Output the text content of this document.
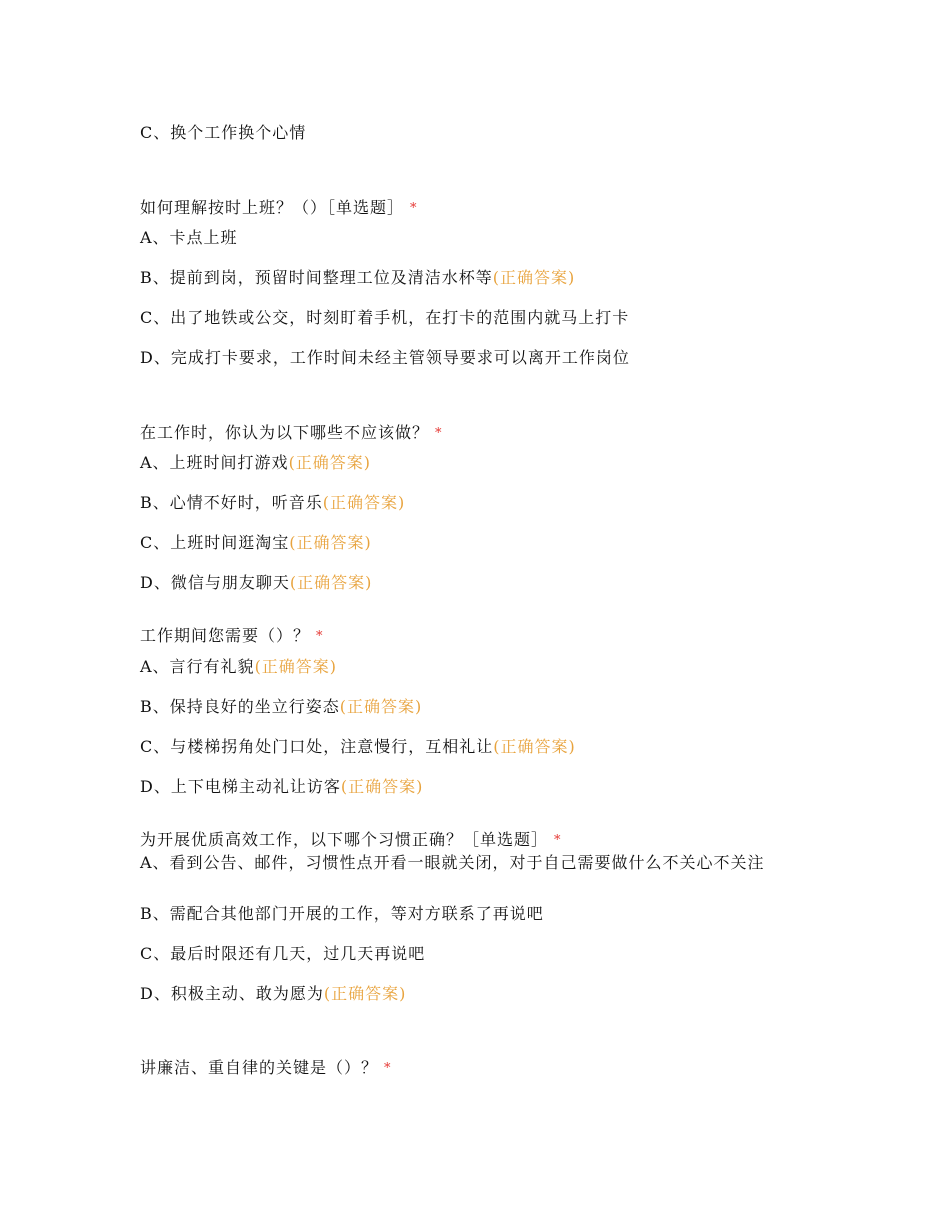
C、换个工作换个心情
如何理解按时上班？（）［单选题］ *
A、卡点上班
B、提前到岗，预留时间整理工位及清洁水杯等(正确答案)
C、出了地铁或公交，时刻盯着手机，在打卡的范围内就马上打卡
D、完成打卡要求，工作时间未经主管领导要求可以离开工作岗位
在工作时，你认为以下哪些不应该做？ *
A、上班时间打游戏(正确答案)
B、心情不好时，听音乐(正确答案)
C、上班时间逛淘宝(正确答案)
D、微信与朋友聊天(正确答案)
工作期间您需要（）？ *
A、言行有礼貌(正确答案)
B、保持良好的坐立行姿态(正确答案)
C、与楼梯拐角处门口处，注意慢行，互相礼让(正确答案)
D、上下电梯主动礼让访客(正确答案)
为开展优质高效工作，以下哪个习惯正确？［单选题］ *
A、看到公告、邮件，习惯性点开看一眼就关闭，对于自己需要做什么不关心不关注
B、需配合其他部门开展的工作，等对方联系了再说吧
C、最后时限还有几天，过几天再说吧
D、积极主动、敢为愿为(正确答案)
讲廉洁、重自律的关键是（）？ *
